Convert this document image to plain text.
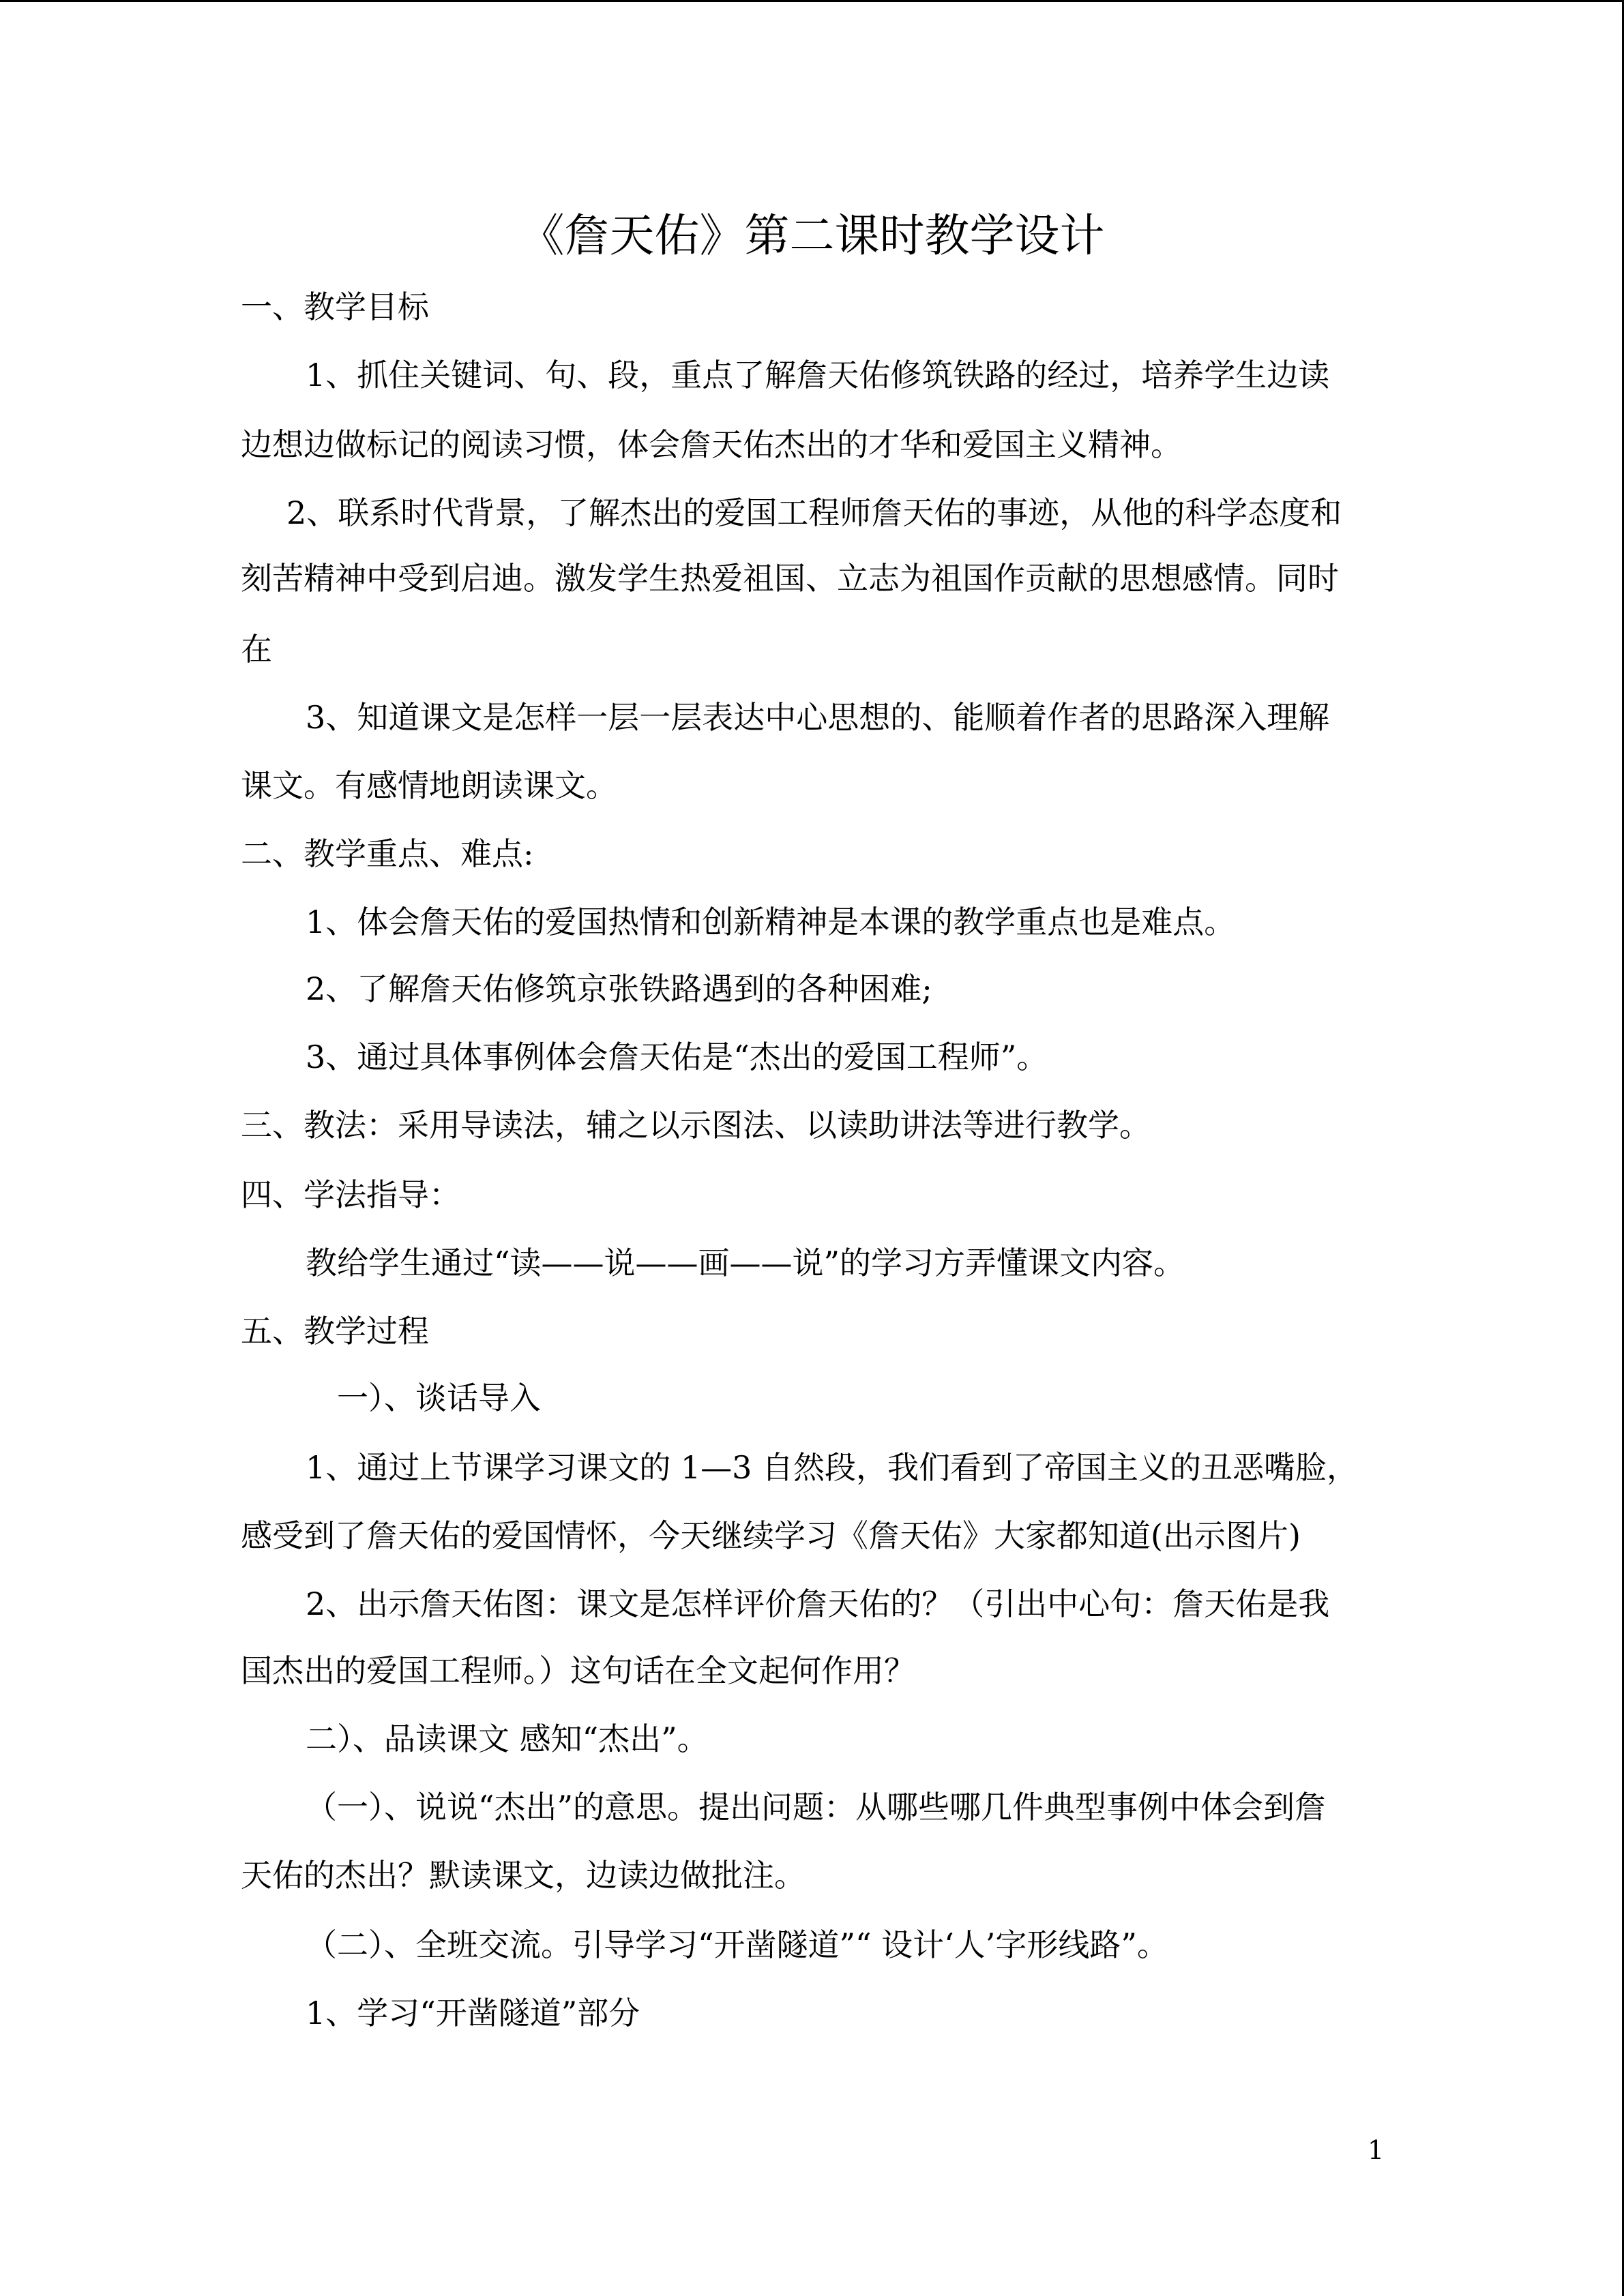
《詹天佑》第二课时教学设计
一、教学目标
1、抓住关键词、句、段，重点了解詹天佑修筑铁路的经过，培养学生边读
边想边做标记的阅读习惯，体会詹天佑杰出的才华和爱国主义精神。
2、联系时代背景，了解杰出的爱国工程师詹天佑的事迹，从他的科学态度和
刻苦精神中受到启迪。激发学生热爱祖国、立志为祖国作贡献的思想感情。同时
在
3、知道课文是怎样一层一层表达中心思想的、能顺着作者的思路深入理解
课文。有感情地朗读课文。
二、教学重点、难点:
1、体会詹天佑的爱国热情和创新精神是本课的教学重点也是难点。
2、了解詹天佑修筑京张铁路遇到的各种困难;
3、通过具体事例体会詹天佑是“杰出的爱国工程师”。
三、教法：采用导读法，辅之以示图法、以读助讲法等进行教学。
四、学法指导：
教给学生通过“读——说——画——说”的学习方弄懂课文内容。
五、教学过程
一）、谈话导入
1、通过上节课学习课文的 1—3 自然段，我们看到了帝国主义的丑恶嘴脸，
感受到了詹天佑的爱国情怀，今天继续学习《詹天佑》大家都知道(出示图片)
2、出示詹天佑图：课文是怎样评价詹天佑的？（引出中心句：詹天佑是我
国杰出的爱国工程师。）这句话在全文起何作用？
二）、品读课文 感知“杰出”。
（一）、说说“杰出”的意思。提出问题：从哪些哪几件典型事例中体会到詹
天佑的杰出？默读课文，边读边做批注。
（二）、全班交流。引导学习“开凿隧道”“ 设计‘人’字形线路”。
1、学习“开凿隧道”部分
1
